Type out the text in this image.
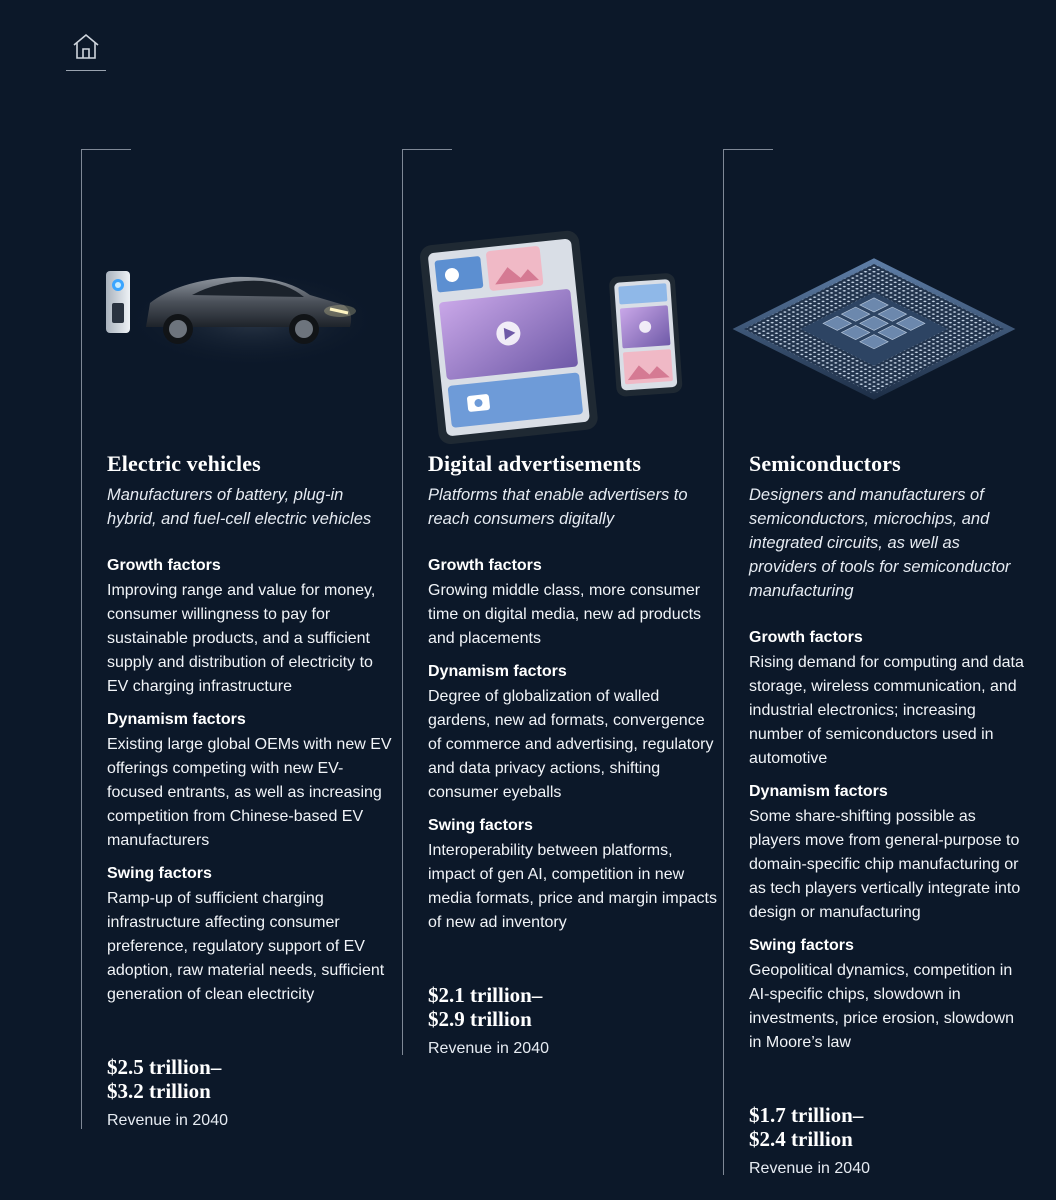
Electric vehicles
Manufacturers of battery, plug-in hybrid, and fuel-cell electric vehicles
Growth factors
Improving range and value for money, consumer willingness to pay for sustainable products, and a sufficient supply and distribution of electricity to EV charging infrastructure
Dynamism factors
Existing large global OEMs with new EV offerings competing with new EV-focused entrants, as well as increasing competition from Chinese-based EV manufacturers
Swing factors
Ramp-up of sufficient charging infrastructure affecting consumer preference, regulatory support of EV adoption, raw material needs, sufficient generation of clean electricity
$2.5 trillion–
$3.2 trillion
Revenue in 2040
Digital advertisements
Platforms that enable advertisers to reach consumers digitally
Growth factors
Growing middle class, more consumer time on digital media, new ad products and placements
Dynamism factors
Degree of globalization of walled gardens, new ad formats, convergence of commerce and advertising, regulatory and data privacy actions, shifting consumer eyeballs
Swing factors
Interoperability between platforms, impact of gen AI, competition in new media formats, price and margin impacts of new ad inventory
$2.1 trillion–
$2.9 trillion
Revenue in 2040
Semiconductors
Designers and manufacturers of semiconductors, microchips, and integrated circuits, as well as providers of tools for semiconductor manufacturing
Growth factors
Rising demand for computing and data storage, wireless communication, and industrial electronics; increasing number of semiconductors used in automotive
Dynamism factors
Some share-shifting possible as players move from general-purpose to domain-specific chip manufacturing or as tech players vertically integrate into design or manufacturing
Swing factors
Geopolitical dynamics, competition in AI-specific chips, slowdown in investments, price erosion, slowdown in Moore’s law
$1.7 trillion–
$2.4 trillion
Revenue in 2040
